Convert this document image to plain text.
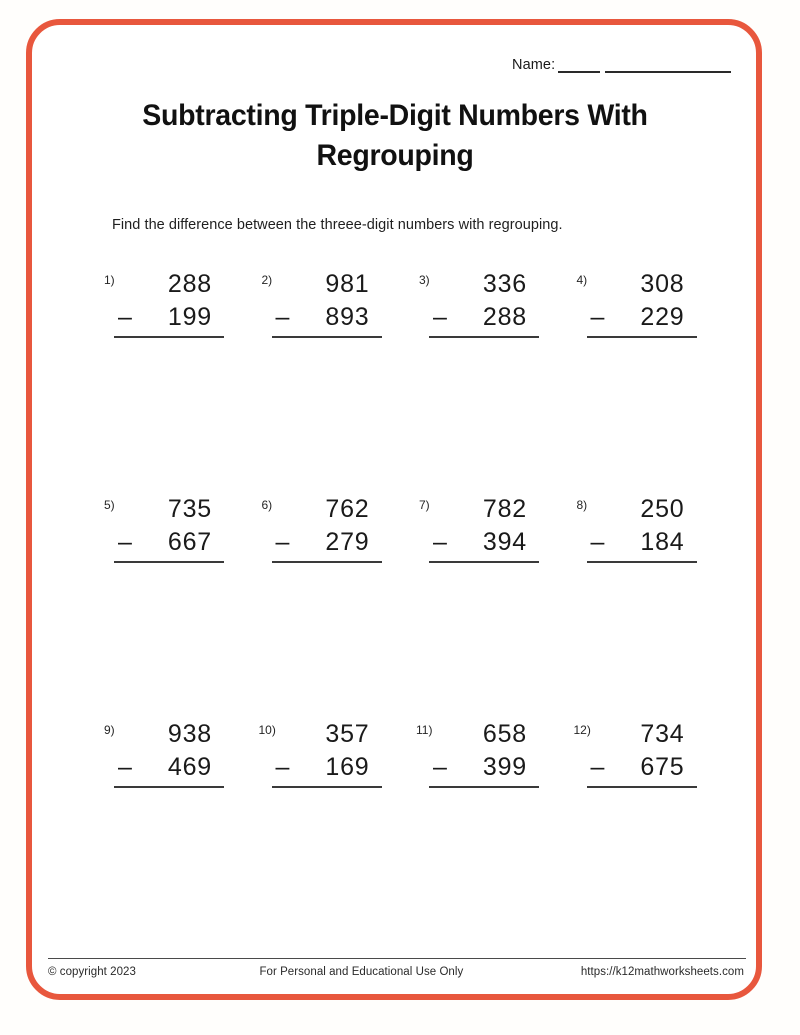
Name:
Subtracting Triple-Digit Numbers With Regrouping
Find the difference between the threee-digit numbers with regrouping.
1)	288
– 199
2)	981
– 893
3)	336
– 288
4)	308
– 229
5)	735
– 667
6)	762
– 279
7)	782
– 394
8)	250
– 184
9)	938
– 469
10)	357
– 169
11)	658
– 399
12)	734
– 675
© copyright 2023	For Personal and Educational Use Only	https://k12mathworksheets.com
